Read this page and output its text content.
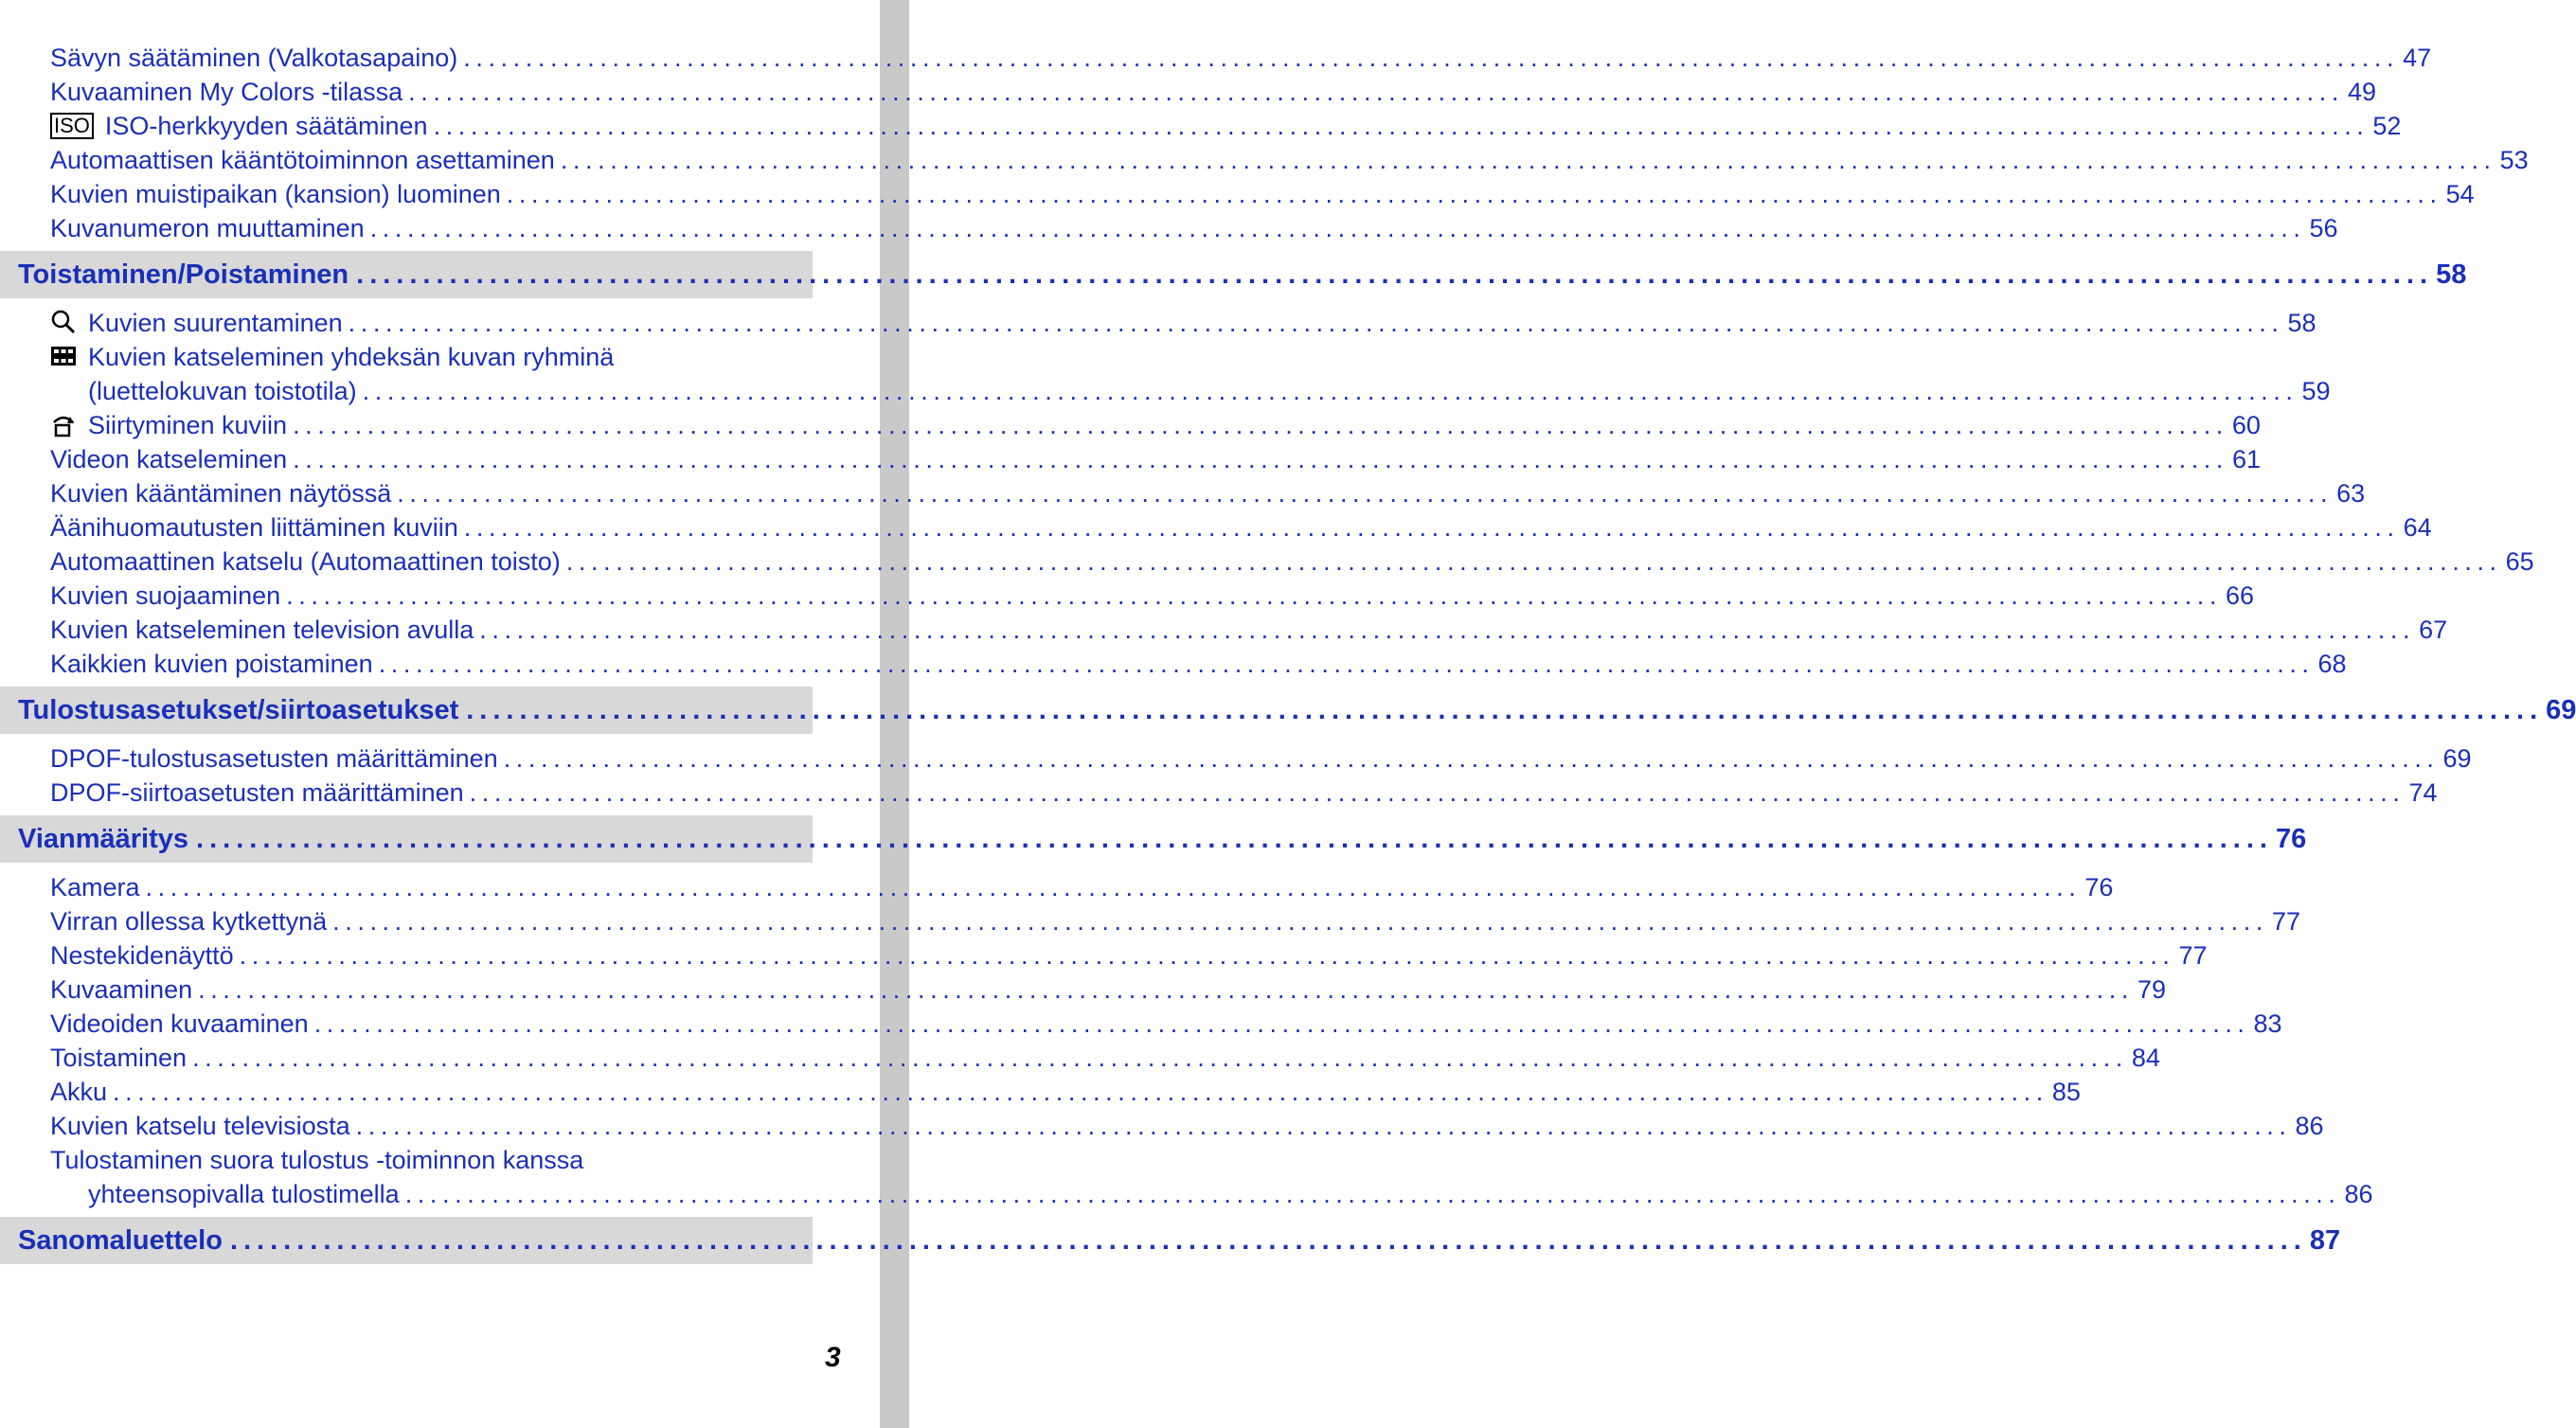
Sävyn säätäminen (Valkotasapaino) ............................................................................................................................................................ 47
Kuvaaminen My Colors -tilassa ............................................................................................................................................................ 49
ISO ISO-herkkyyden säätäminen ............................................................................................................................................................ 52
Automaattisen kääntötoiminnon asettaminen ............................................................................................................................................................ 53
Kuvien muistipaikan (kansion) luominen ............................................................................................................................................................ 54
Kuvanumeron muuttaminen ............................................................................................................................................................ 56
Toistaminen/Poistaminen ............................................................................................................................................................ 58
Kuvien suurentaminen ............................................................................................................................................................ 58
Kuvien katseleminen yhdeksän kuvan ryhminä
(luettelokuvan toistotila) ............................................................................................................................................................ 59
Siirtyminen kuviin ............................................................................................................................................................ 60
Videon katseleminen ............................................................................................................................................................ 61
Kuvien kääntäminen näytössä ............................................................................................................................................................ 63
Äänihuomautusten liittäminen kuviin ............................................................................................................................................................ 64
Automaattinen katselu (Automaattinen toisto) ............................................................................................................................................................ 65
Kuvien suojaaminen ............................................................................................................................................................ 66
Kuvien katseleminen television avulla ............................................................................................................................................................ 67
Kaikkien kuvien poistaminen ............................................................................................................................................................ 68
Tulostusasetukset/siirtoasetukset ............................................................................................................................................................ 69
DPOF-tulostusasetusten määrittäminen ............................................................................................................................................................ 69
DPOF-siirtoasetusten määrittäminen ............................................................................................................................................................ 74
Vianmääritys ............................................................................................................................................................ 76
Kamera ............................................................................................................................................................ 76
Virran ollessa kytkettynä ............................................................................................................................................................ 77
Nestekidenäyttö ............................................................................................................................................................ 77
Kuvaaminen ............................................................................................................................................................ 79
Videoiden kuvaaminen ............................................................................................................................................................ 83
Toistaminen ............................................................................................................................................................ 84
Akku ............................................................................................................................................................ 85
Kuvien katselu televisiosta ............................................................................................................................................................ 86
Tulostaminen suora tulostus -toiminnon kanssa
yhteensopivalla tulostimella ............................................................................................................................................................ 86
Sanomaluettelo ............................................................................................................................................................ 87
3
